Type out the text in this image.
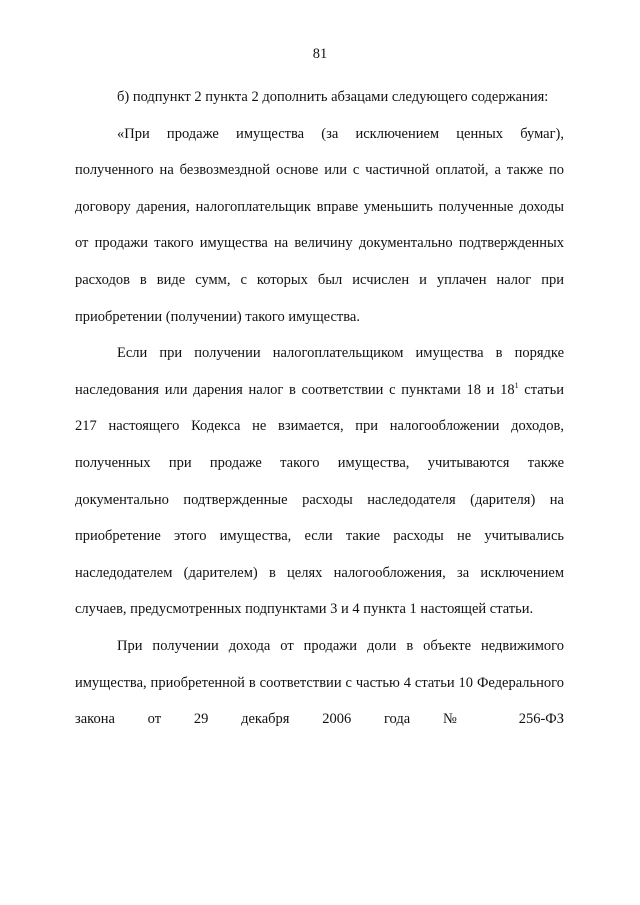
81

б) подпункт 2 пункта 2 дополнить абзацами следующего содержания:

«При продаже имущества (за исключением ценных бумаг), полученного на безвозмездной основе или с частичной оплатой, а также по договору дарения, налогоплательщик вправе уменьшить полученные доходы от продажи такого имущества на величину документально подтвержденных расходов в виде сумм, с которых был исчислен и уплачен налог при приобретении (получении) такого имущества.

Если при получении налогоплательщиком имущества в порядке наследования или дарения налог в соответствии с пунктами 18 и $18^1$ статьи 217 настоящего Кодекса не взимается, при налогообложении доходов, полученных при продаже такого имущества, учитываются также документально подтвержденные расходы наследодателя (дарителя) на приобретение этого имущества, если такие расходы не учитывались наследодателем (дарителем) в целях налогообложения, за исключением случаев, предусмотренных подпунктами 3 и 4 пункта 1 настоящей статьи.

При получении дохода от продажи доли в объекте недвижимого имущества, приобретенной в соответствии с частью 4 статьи 10 Федерального закона от 29 декабря 2006 года № 256-ФЗ
